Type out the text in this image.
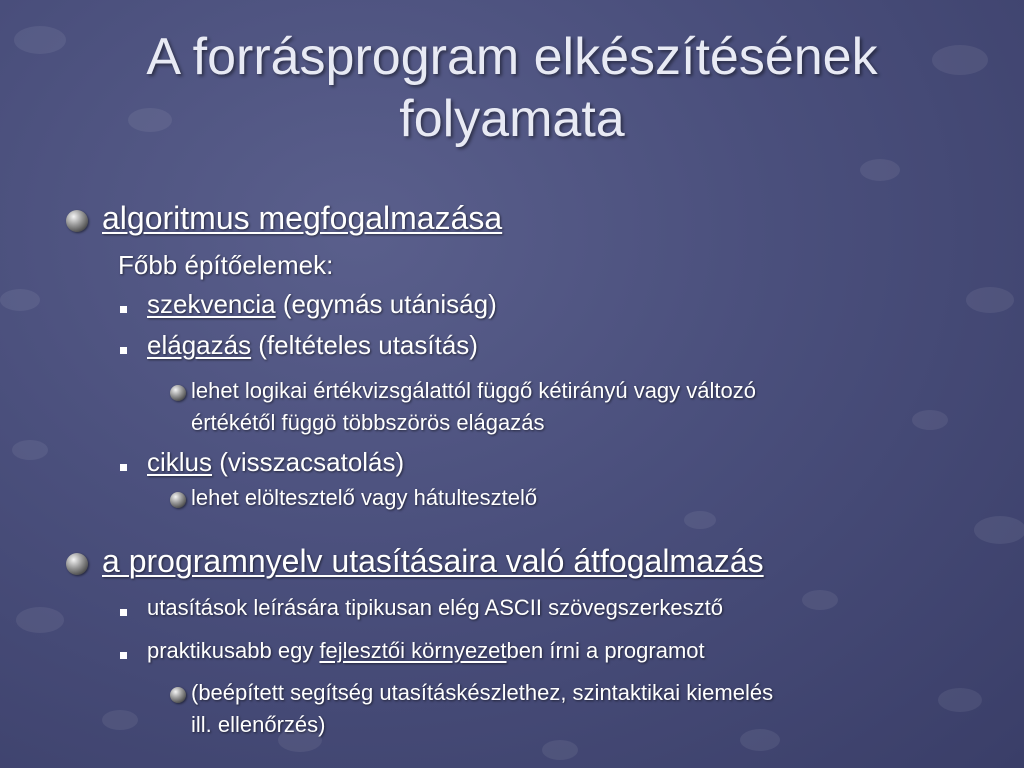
A forrásprogram elkészítésének
folyamata
algoritmus megfogalmazása
Főbb építőelemek:
szekvencia (egymás utániság)
elágazás (feltételes utasítás)
lehet logikai értékvizsgálattól függő kétirányú vagy változó
értékétől függö többszörös elágazás
ciklus (visszacsatolás)
lehet elöltesztelő vagy hátultesztelő
a programnyelv utasításaira való átfogalmazás
utasítások leírására tipikusan elég ASCII szövegszerkesztő
praktikusabb egy fejlesztői környezetben írni a programot
(beépített segítség utasításkészlethez, szintaktikai kiemelés
ill. ellenőrzés)
